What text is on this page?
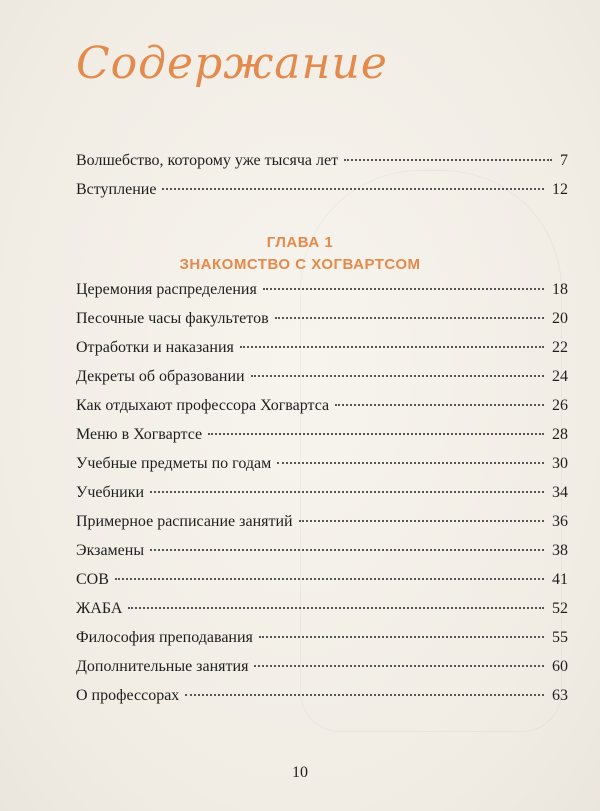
Содержание
Волшебство, которому уже тысяча лет	7
Вступление	12
ГЛАВА 1
ЗНАКОМСТВО С ХОГВАРТСОМ
Церемония распределения	18
Песочные часы факультетов	20
Отработки и наказания	22
Декреты об образовании	24
Как отдыхают профессора Хогвартса	26
Меню в Хогвартсе	28
Учебные предметы по годам	30
Учебники	34
Примерное расписание занятий	36
Экзамены	38
СОВ	41
ЖАБА	52
Философия преподавания	55
Дополнительные занятия	60
О профессорах	63
10
